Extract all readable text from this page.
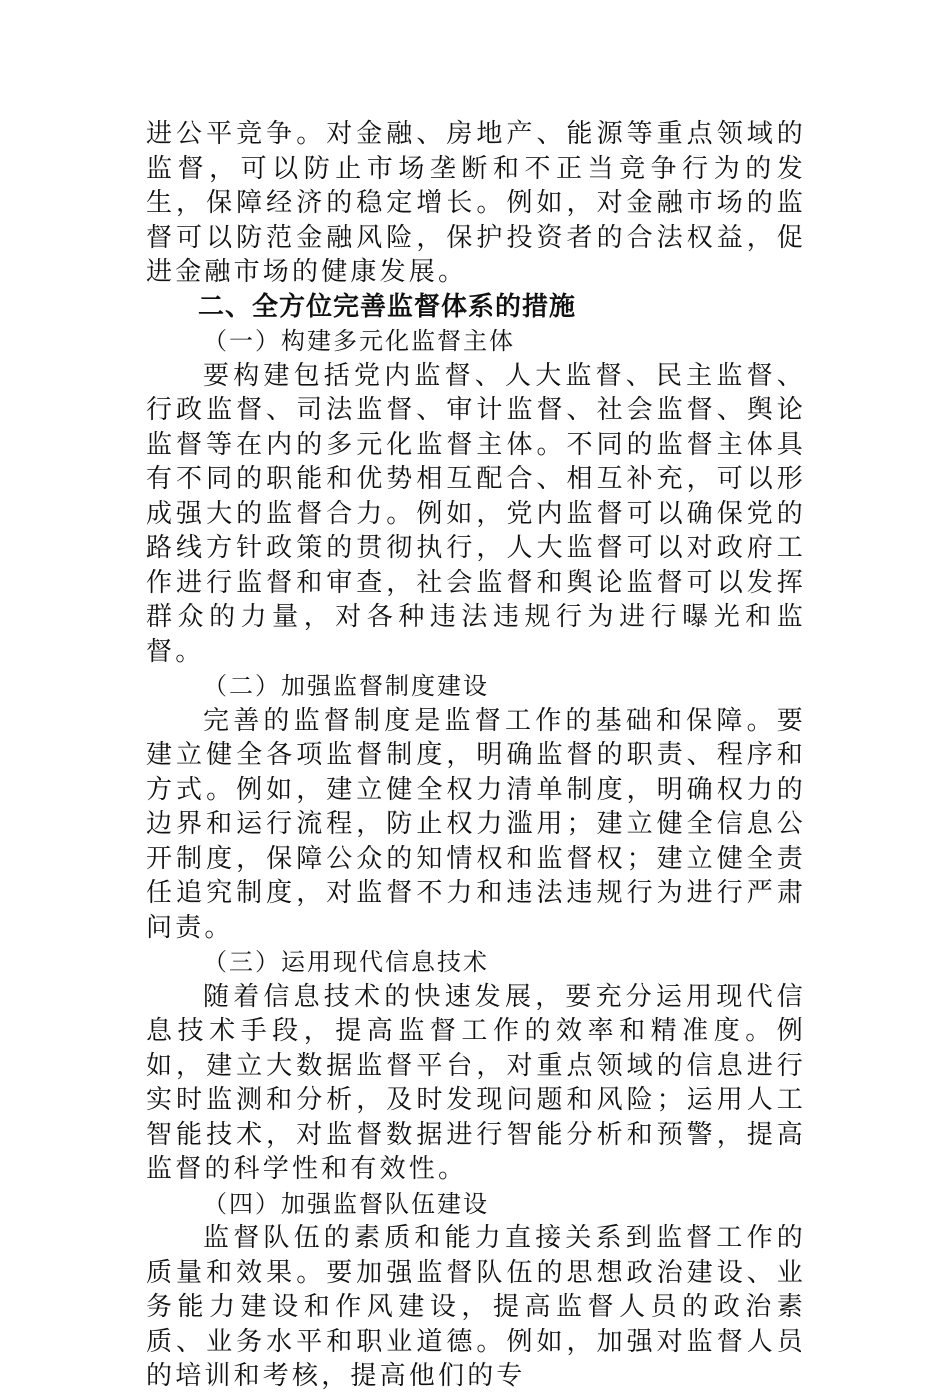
进公平竞争。对金融、房地产、能源等重点领域的监督，可以防止市场垄断和不正当竞争行为的发生，保障经济的稳定增长。例如，对金融市场的监督可以防范金融风险，保护投资者的合法权益，促进金融市场的健康发展。

二、全方位完善监督体系的措施

（一）构建多元化监督主体

要构建包括党内监督、人大监督、民主监督、行政监督、司法监督、审计监督、社会监督、舆论监督等在内的多元化监督主体。不同的监督主体具有不同的职能和优势相互配合、相互补充，可以形成强大的监督合力。例如，党内监督可以确保党的路线方针政策的贯彻执行，人大监督可以对政府工作进行监督和审查，社会监督和舆论监督可以发挥群众的力量，对各种违法违规行为进行曝光和监督。

（二）加强监督制度建设

完善的监督制度是监督工作的基础和保障。要建立健全各项监督制度，明确监督的职责、程序和方式。例如，建立健全权力清单制度，明确权力的边界和运行流程，防止权力滥用；建立健全信息公开制度，保障公众的知情权和监督权；建立健全责任追究制度，对监督不力和违法违规行为进行严肃问责。

（三）运用现代信息技术

随着信息技术的快速发展，要充分运用现代信息技术手段，提高监督工作的效率和精准度。例如，建立大数据监督平台，对重点领域的信息进行实时监测和分析，及时发现问题和风险；运用人工智能技术，对监督数据进行智能分析和预警，提高监督的科学性和有效性。

（四）加强监督队伍建设

监督队伍的素质和能力直接关系到监督工作的质量和效果。要加强监督队伍的思想政治建设、业务能力建设和作风建设，提高监督人员的政治素质、业务水平和职业道德。例如，加强对监督人员的培训和考核，提高他们的专
